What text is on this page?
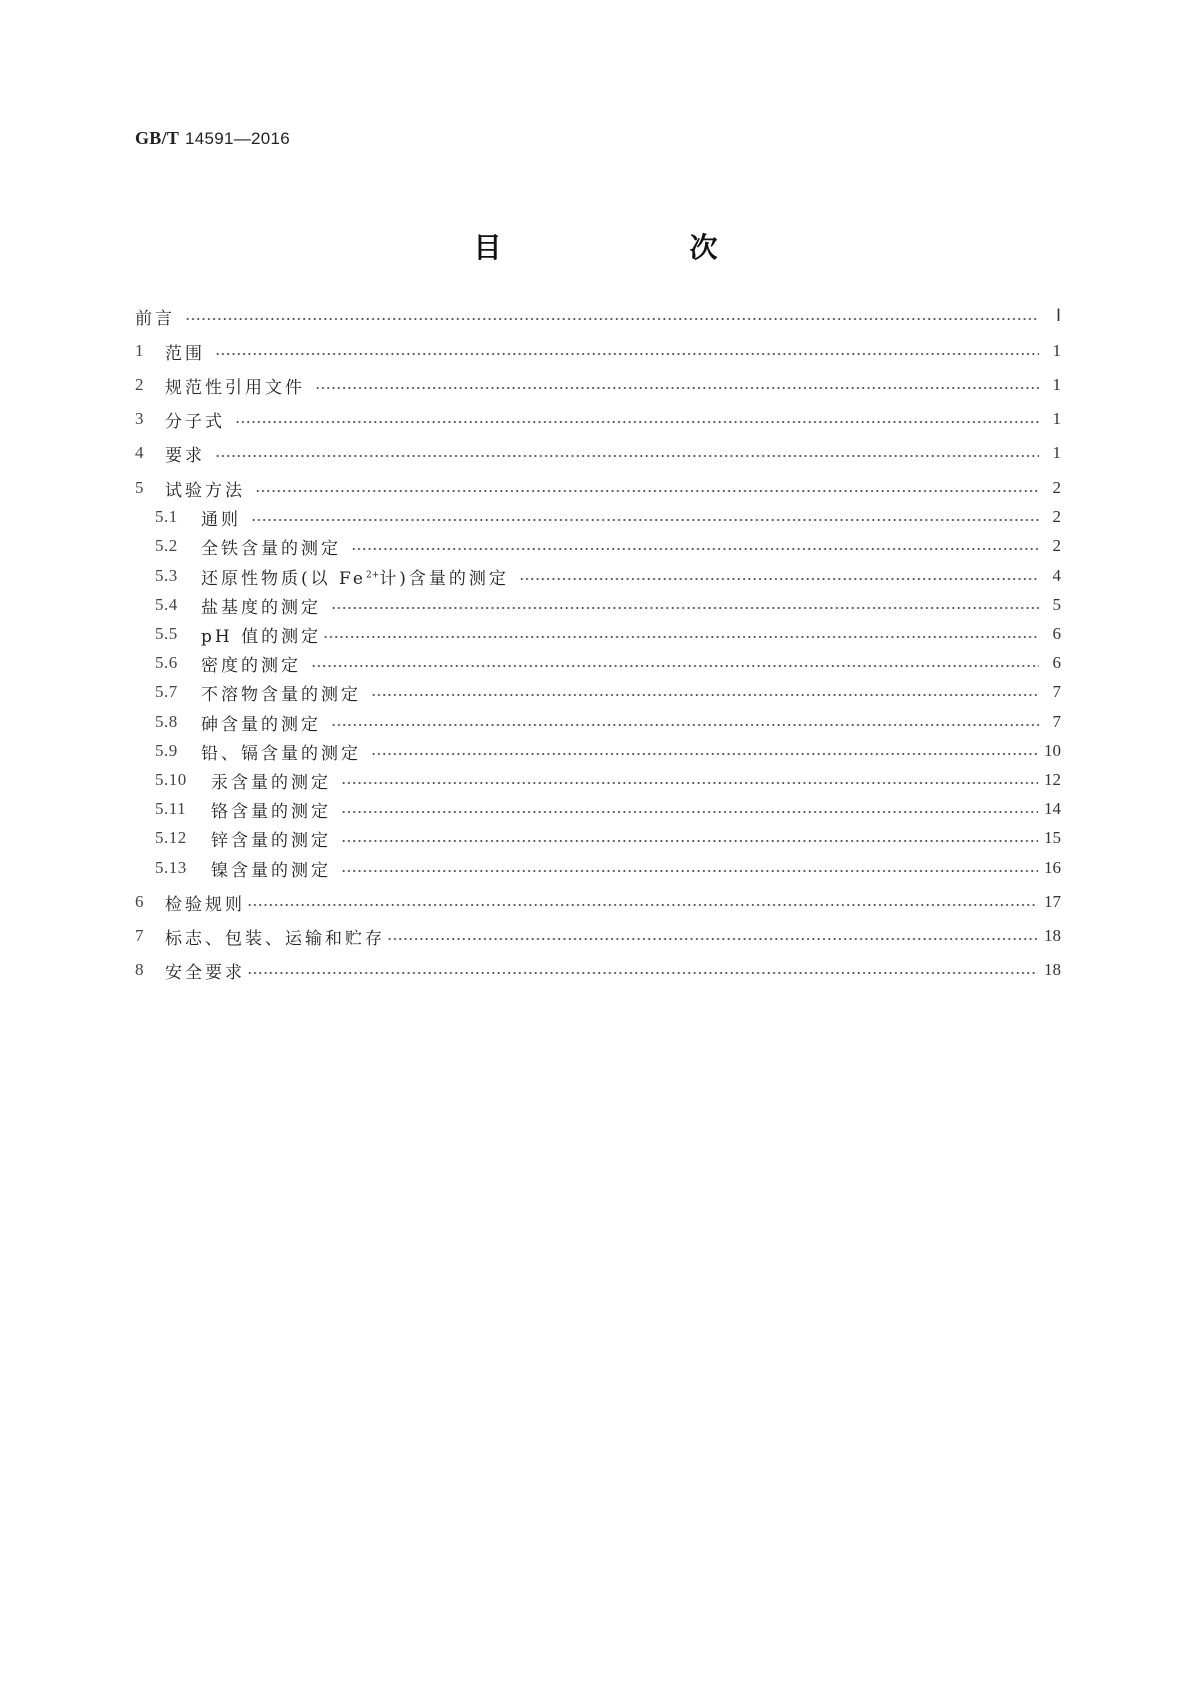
GB/T 14591—2016
目　　次
前言	Ⅰ
1	范围	1
2	规范性引用文件	1
3	分子式	1
4	要求	1
5	试验方法	2
5.1	通则	2
5.2	全铁含量的测定	2
5.3	还原性物质(以 $Fe^{2+}$计)含量的测定	4
5.4	盐基度的测定	5
5.5	pH 值的测定	6
5.6	密度的测定	6
5.7	不溶物含量的测定	7
5.8	砷含量的测定	7
5.9	铅、镉含量的测定	10
5.10	汞含量的测定	12
5.11	铬含量的测定	14
5.12	锌含量的测定	15
5.13	镍含量的测定	16
6	检验规则	17
7	标志、包装、运输和贮存	18
8	安全要求	18
